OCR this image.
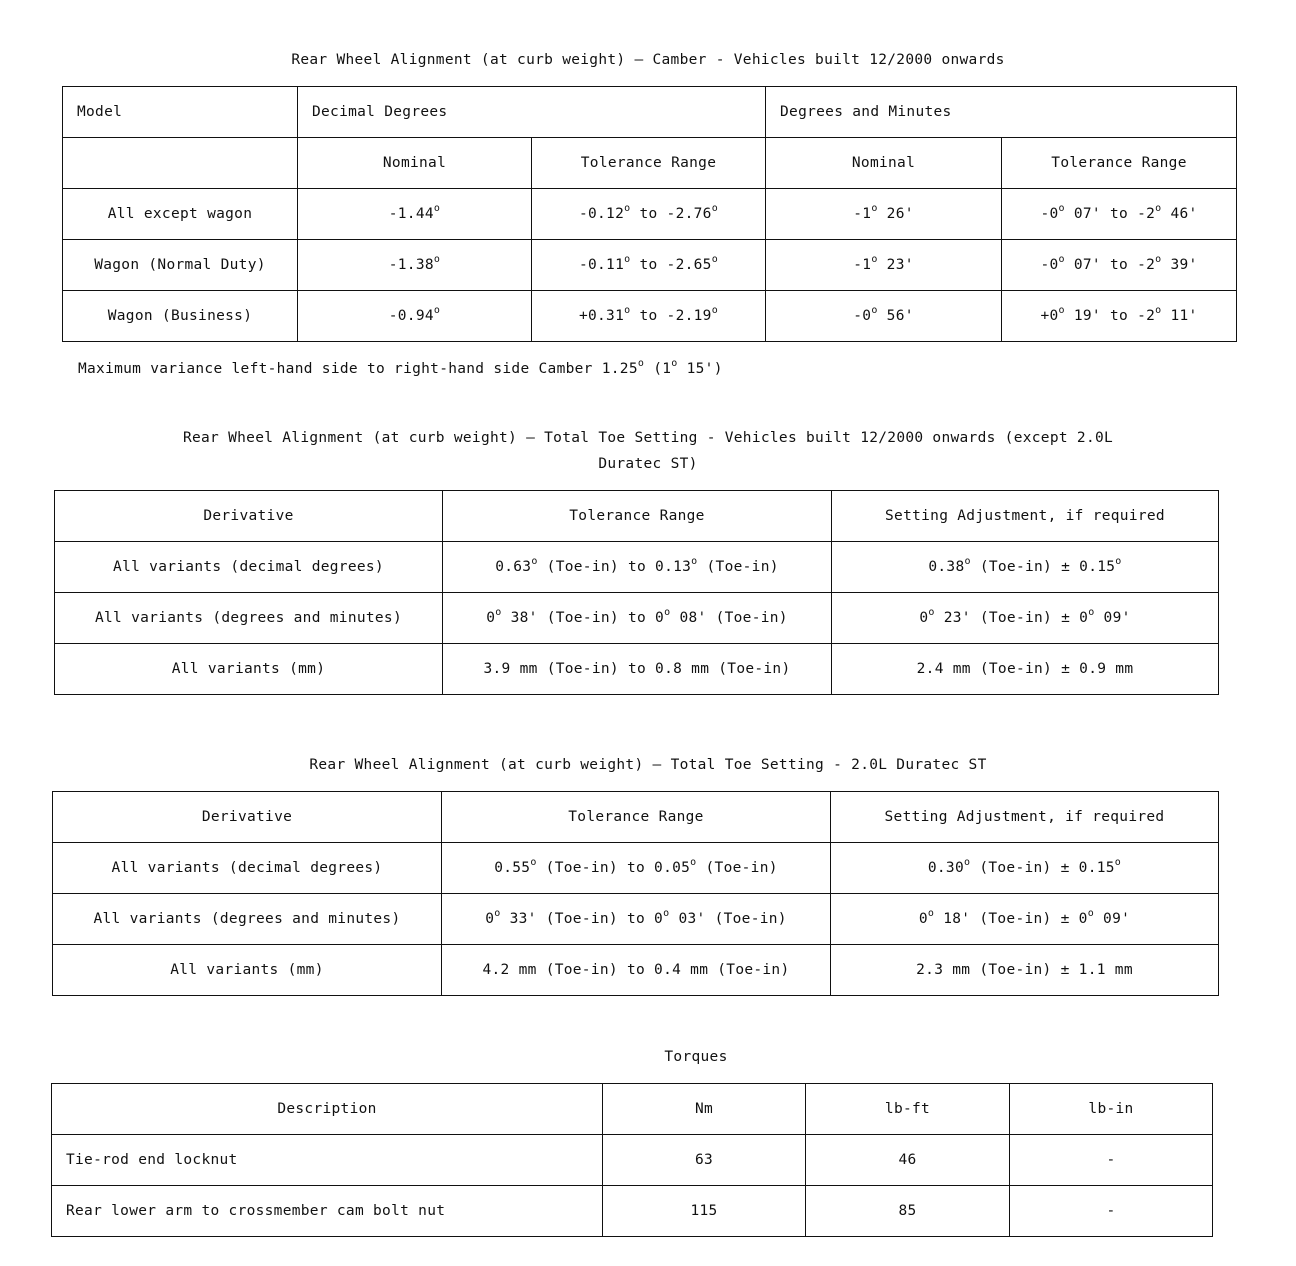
Rear Wheel Alignment (at curb weight) — Camber - Vehicles built 12/2000 onwards
Model	Decimal Degrees		Degrees and Minutes	
	Nominal	Tolerance Range	Nominal	Tolerance Range
All except wagon	-1.44$^o$	-0.12$^o$ to -2.76$^o$	-1$^o$ 26'	-0$^o$ 07' to -2$^o$ 46'
Wagon (Normal Duty)	-1.38$^o$	-0.11$^o$ to -2.65$^o$	-1$^o$ 23'	-0$^o$ 07' to -2$^o$ 39'
Wagon (Business)	$-0.94^o$	$+0.31^o$ to -2.19$^o$	-0$^o$ 56'	$+0^o$ 19' to -2$^o$ 11'
Maximum variance left-hand side to right-hand side Camber 1.25$^o$ (1$^o$ 15')
Rear Wheel Alignment (at curb weight) — Total Toe Setting - Vehicles built 12/2000 onwards (except 2.0L
Duratec ST)
Derivative	Tolerance Range	Setting Adjustment, if required
All variants (decimal degrees)	0.63$^o$ (Toe-in) to 0.13$^o$ (Toe-in)	0.38$^o$ $(Toe-in) \pm 0.15^o$
All variants (degrees and minutes)	0$^o$ 38' (Toe-in) to 0$^o$ 08' (Toe-in)	0$^o$ 23' $(Toe-in) \pm 0^o$ 09'
All variants (mm)	3.9 mm (Toe-in) to 0.8 mm (Toe-in)	2.4 mm (Toe-in) ± 0.9 mm
Rear Wheel Alignment (at curb weight) — Total Toe Setting - 2.0L Duratec ST
Derivative	Tolerance Range	Setting Adjustment, if required
All variants (decimal degrees)	0.55$^o$ (Toe-in) to 0.05$^o$ (Toe-in)	0.30$^o$ $(Toe-in) \pm 0.15^o$
All variants (degrees and minutes)	0$^o$ 33' (Toe-in) to 0$^o$ 03' (Toe-in)	0$^o$ 18' $(Toe-in) \pm 0^o$ 09'
All variants (mm)	4.2 mm (Toe-in) to 0.4 mm (Toe-in)	2.3 mm (Toe-in) ± 1.1 mm
Torques
Description	Nm	lb-ft	lb-in
Tie-rod end locknut	63	46	-
Rear lower arm to crossmember cam bolt nut	115	85	-
